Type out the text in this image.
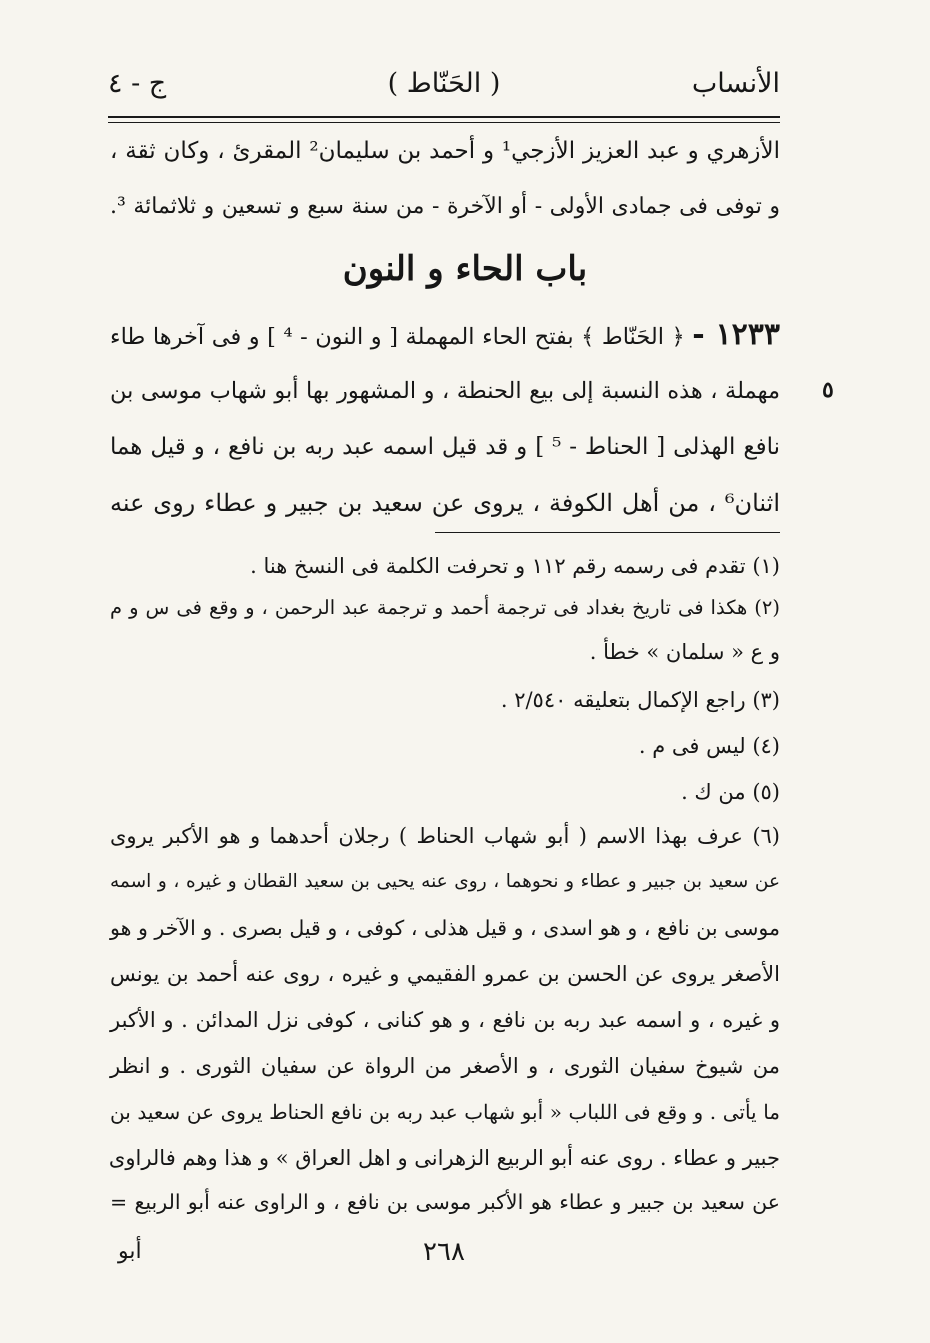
الأنساب
( الحَنّاط )
ج - ٤
الأزهري و عبد العزيز الأزجي¹ و أحمد بن سليمان² المقرئ ، وكان ثقة ،
و توفى فى جمادى الأولى - أو الآخرة - من سنة سبع و تسعين و ثلاثمائة ³.
باب الحاء و النون
١٢٣٣ - ﴿ الحَنّاط ﴾ بفتح الحاء المهملة [ و النون - ⁴ ] و فى آخرها طاء
مهملة ، هذه النسبة إلى بيع الحنطة ، و المشهور بها أبو شهاب موسى بن
نافع الهذلى [ الحناط - ⁵ ] و قد قيل اسمه عبد ربه بن نافع ، و قيل هما
اثنان⁶ ، من أهل الكوفة ، يروى عن سعيد بن جبير و عطاء روى عنه
٥
(١) تقدم فى رسمه رقم ١١٢ و تحرفت الكلمة فى النسخ هنا .
(٢) هكذا فى تاريخ بغداد فى ترجمة أحمد و ترجمة عبد الرحمن ، و وقع فى س و م
و ع « سلمان » خطأ .
(٣) راجع الإكمال بتعليقه ٢/٥٤٠ .
(٤) ليس فى م .
(٥) من ك .
(٦) عرف بهذا الاسم ( أبو شهاب الحناط ) رجلان أحدهما و هو الأكبر يروى
عن سعيد بن جبير و عطاء و نحوهما ، روى عنه يحيى بن سعيد القطان و غيره ، و اسمه
موسى بن نافع ، و هو اسدى ، و قيل هذلى ، كوفى ، و قيل بصرى . و الآخر و هو
الأصغر يروى عن الحسن بن عمرو الفقيمي و غيره ، روى عنه أحمد بن يونس
و غيره ، و اسمه عبد ربه بن نافع ، و هو كنانى ، كوفى نزل المدائن . و الأكبر
من شيوخ سفيان الثورى ، و الأصغر من الرواة عن سفيان الثورى . و انظر
ما يأتى . و وقع فى اللباب « أبو شهاب عبد ربه بن نافع الحناط يروى عن سعيد بن
جبير و عطاء . روى عنه أبو الربيع الزهرانى و اهل العراق » و هذا وهم فالراوى
عن سعيد بن جبير و عطاء هو الأكبر موسى بن نافع ، و الراوى عنه أبو الربيع =
٢٦٨
أبو
